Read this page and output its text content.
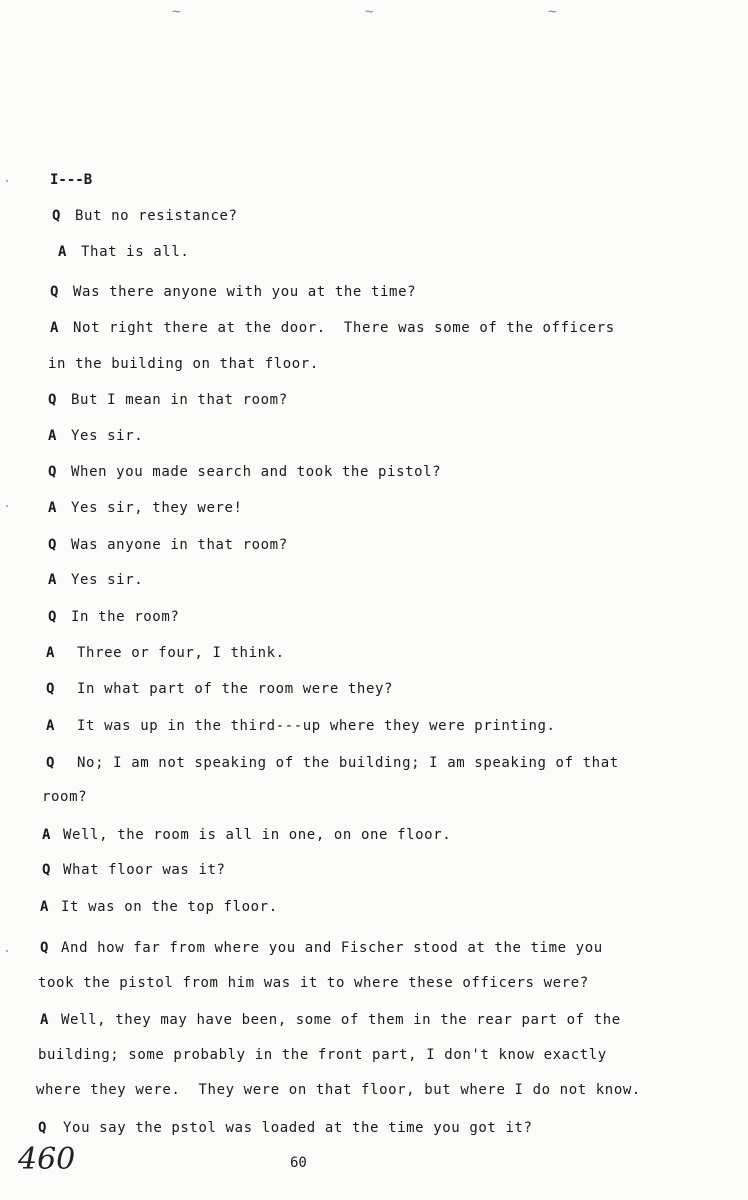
~	~	~
I---B
Q But no resistance?
A That is all.
Q Was there anyone with you at the time?
A Not right there at the door.  There was some of the officers
in the building on that floor.
Q But I mean in that room?
A Yes sir.
Q When you made search and took the pistol?
A Yes sir, they were!
Q Was anyone in that room?
A Yes sir.
Q In the room?
A Three or four, I think.
Q In what part of the room were they?
A It was up in the third---up where they were printing.
Q No; I am not speaking of the building; I am speaking of that
room?
A Well, the room is all in one, on one floor.
Q What floor was it?
A It was on the top floor.
Q And how far from where you and Fischer stood at the time you
took the pistol from him was it to where these officers were?
A Well, they may have been, some of them in the rear part of the
building; some probably in the front part, I don't know exactly
where they were.  They were on that floor, but where I do not know.
Q You say the pstol was loaded at the time you got it?
460	60
